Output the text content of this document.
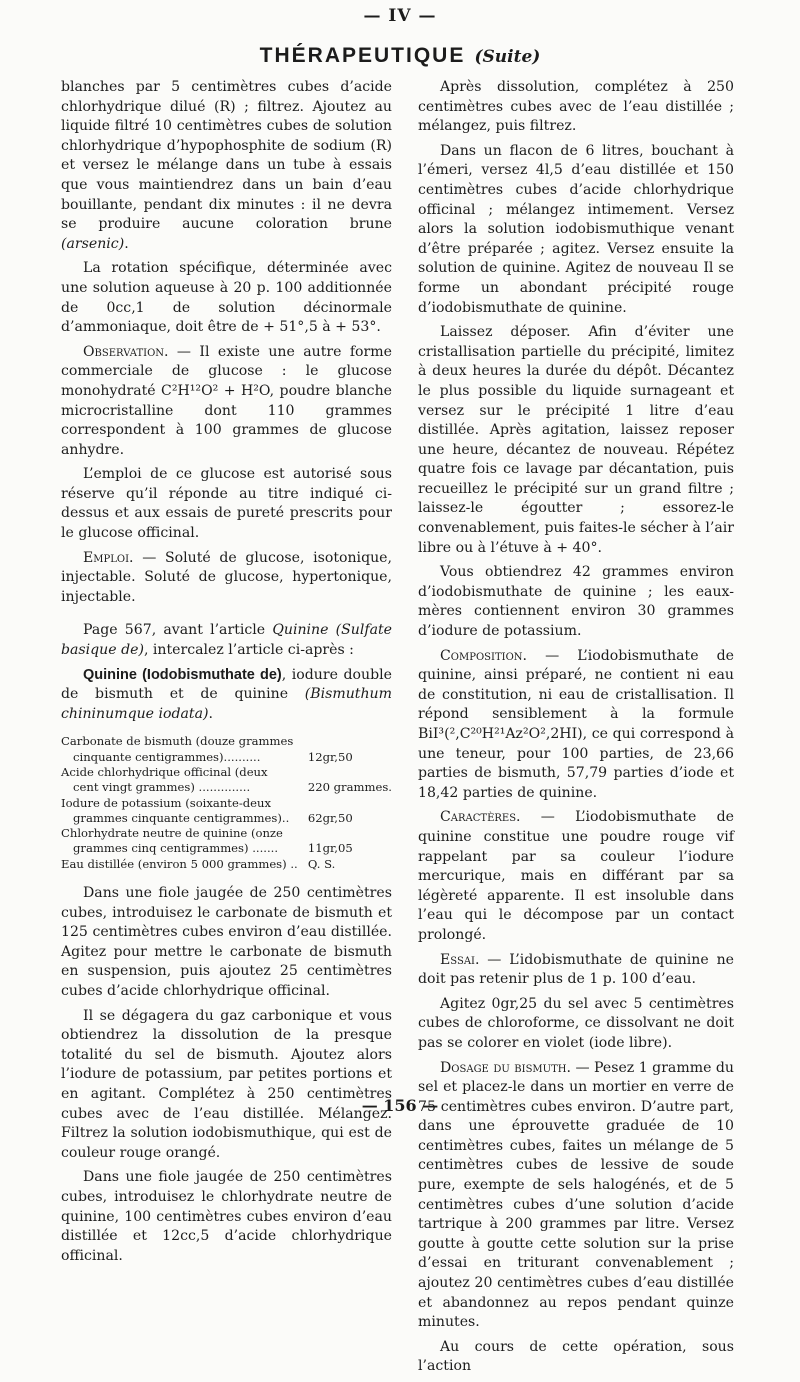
— IV —
THÉRAPEUTIQUE (Suite)

blanches par 5 centimètres cubes d’acide chlorhydrique dilué (R) ; filtrez. Ajoutez au liquide filtré 10 centimètres cubes de solution chlorhydrique d’hypophosphite de sodium (R) et versez le mélange dans un tube à essais que vous maintiendrez dans un bain d’eau bouillante, pendant dix minutes : il ne devra se produire aucune coloration brune (arsenic).

La rotation spécifique, déterminée avec une solution aqueuse à 20 p. 100 additionnée de 0cc,1 de solution décinormale d’ammoniaque, doit être de + 51°,5 à + 53°.

Observation. — Il existe une autre forme commerciale de glucose : le glucose monohydraté C²H¹²O² + H²O, poudre blanche microcristalline dont 110 grammes correspondent à 100 grammes de glucose anhydre.

L’emploi de ce glucose est autorisé sous réserve qu’il réponde au titre indiqué ci-dessus et aux essais de pureté prescrits pour le glucose officinal.

Emploi. — Soluté de glucose, isotonique, injectable. Soluté de glucose, hypertonique, injectable.

Page 567, avant l’article Quinine (Sulfate basique de), intercalez l’article ci-après :

Quinine (Iodobismuthate de), iodure double de bismuth et de quinine (Bismuthum chininumque iodata).

Carbonate de bismuth (douze grammes	
cinquante centigrammes)..........	12gr,50
Acide chlorhydrique officinal (deux	
cent vingt grammes) ..............	220 grammes.
Iodure de potassium (soixante-deux	
grammes cinquante centigrammes)..	62gr,50
Chlorhydrate neutre de quinine (onze	
grammes cinq centigrammes) .......	11gr,05
Eau distillée (environ 5 000 grammes) ..	Q. S.

Dans une fiole jaugée de 250 centimètres cubes, introduisez le carbonate de bismuth et 125 centimètres cubes environ d’eau distillée. Agitez pour mettre le carbonate de bismuth en suspension, puis ajoutez 25 centimètres cubes d’acide chlorhydrique officinal.

Il se dégagera du gaz carbonique et vous obtiendrez la dissolution de la presque totalité du sel de bismuth. Ajoutez alors l’iodure de potassium, par petites portions et en agitant. Complétez à 250 centimètres cubes avec de l’eau distillée. Mélangez. Filtrez la solution iodobismuthique, qui est de couleur rouge orangé.

Dans une fiole jaugée de 250 centimètres cubes, introduisez le chlorhydrate neutre de quinine, 100 centimètres cubes environ d’eau distillée et 12cc,5 d’acide chlorhydrique officinal.

Après dissolution, complétez à 250 centimètres cubes avec de l’eau distillée ; mélangez, puis filtrez.

Dans un flacon de 6 litres, bouchant à l’émeri, versez 4l,5 d’eau distillée et 150 centimètres cubes d’acide chlorhydrique officinal ; mélangez intimement. Versez alors la solution iodobismuthique venant d’être préparée ; agitez. Versez ensuite la solution de quinine. Agitez de nouveau Il se forme un abondant précipité rouge d’iodobismuthate de quinine.

Laissez déposer. Afin d’éviter une cristallisation partielle du précipité, limitez à deux heures la durée du dépôt. Décantez le plus possible du liquide surnageant et versez sur le précipité 1 litre d’eau distillée. Après agitation, laissez reposer une heure, décantez de nouveau. Répétez quatre fois ce lavage par décantation, puis recueillez le précipité sur un grand filtre ; laissez-le égoutter ; essorez-le convenablement, puis faites-le sécher à l’air libre ou à l’étuve à + 40°.

Vous obtiendrez 42 grammes environ d’iodobismuthate de quinine ; les eaux-mères contiennent environ 30 grammes d’iodure de potassium.

Composition. — L’iodobismuthate de quinine, ainsi préparé, ne contient ni eau de constitution, ni eau de cristallisation. Il répond sensiblement à la formule BiI³(²,C²⁰H²¹Az²O²,2HI), ce qui correspond à une teneur, pour 100 parties, de 23,66 parties de bismuth, 57,79 parties d’iode et 18,42 parties de quinine.

Caractères. — L’iodobismuthate de quinine constitue une poudre rouge vif rappelant par sa couleur l’iodure mercurique, mais en différant par sa légèreté apparente. Il est insoluble dans l’eau qui le décompose par un contact prolongé.

Essai. — L’idobismuthate de quinine ne doit pas retenir plus de 1 p. 100 d’eau.

Agitez 0gr,25 du sel avec 5 centimètres cubes de chloroforme, ce dissolvant ne doit pas se colorer en violet (iode libre).

Dosage du bismuth. — Pesez 1 gramme du sel et placez-le dans un mortier en verre de 75 centimètres cubes environ. D’autre part, dans une éprouvette graduée de 10 centimètres cubes, faites un mélange de 5 centimètres cubes de lessive de soude pure, exempte de sels halogénés, et de 5 centimètres cubes d’une solution d’acide tartrique à 200 grammes par litre. Versez goutte à goutte cette solution sur la prise d’essai en triturant convenablement ; ajoutez 20 centimètres cubes d’eau distillée et abandonnez au repos pendant quinze minutes.

Au cours de cette opération, sous l’action

— 156 —
